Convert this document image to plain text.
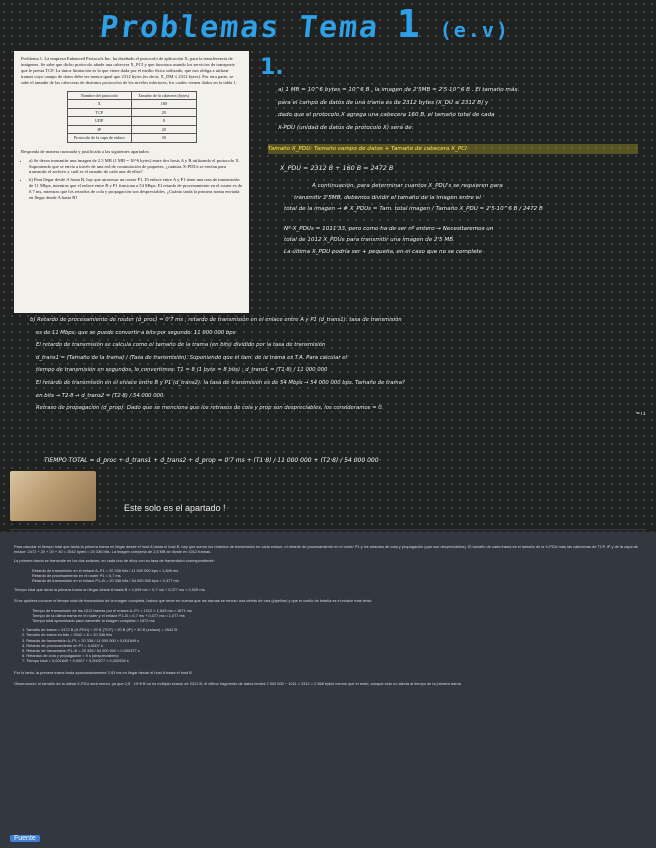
Problemas Tema 1 (e.v)

Problema 1. La empresa Enhanced Protocols Inc. ha diseñado el protocolo de aplicación X, para la transferencia de imágenes. Se sabe que dicho protocolo añade una cabecera X_PCI y que funciona usando los servicios de transporte que le presta TCP. La única limitación es la que viene dada por el medio físico utilizado, que nos obliga a utilizar tramas cuyo campo de datos debe ser menor igual que 2312 bytes (es decir, X_DM ≤ 2312 bytes). Por otra parte, se sabe el tamaño de las cabeceras de distintos protocolos de los niveles inferiores, los cuales vienen dados en la tabla 1.

Nombre del protocolo	Tamaño de la cabecera (bytes)
X	160
TCP	20
UDP	8
IP	20
Protocolo de la capa de enlace	30

Responda de manera razonada y justificada a las siguientes apartados:

• a) Se desea transmitir una imagen de 2.5 MB (1 MB = 10^6 bytes) entre dos hosts A y B utilizando el protocolo X. Suponiendo que se envía a través de una red de conmutación de paquetes, ¿cuántas X-PDUs se envían para transmitir el archivo y cuál es el tamaño de cada una de ellas?
• b) Para llegar desde A hasta B, hay que atravesar un router P1. El enlace entre A y P1 tiene una tasa de transmisión de 11 Mbps, mientras que el enlace entre B y P1 funciona a 54 Mbps. El retardo de procesamiento en el router es de 0.7 ms, mientras que los retardos de cola y propagación son despreciables. ¿Cuánto tarda la primera trama enviada en llegar desde A hasta B?
1.

a) 1 MB = 10^6 bytes = 10^6 B , la imagen de 2'5MB = 2'5·10^6 B . El tamaño máx.

para el campo de datos de una trama es de 2312 bytes (X_DU ≤ 2312 B) y

dado que el protocolo X agrega una cabecera 160 B, el tamaño total de cada

X-PDU (unidad de datos de protocolo X) será de:

Tamaño X_PDU: Tamaño campo de datos + Tamaño de cabecera X_PCI
X_PDU = 2312 B + 160 B = 2472 B

A continuación, para determinar cuantos X_PDU's se requieren para

transmitir 2'5MB, debemos dividir el tamaño de la imagen entre el

total de la imagen → # X_PDUs = Tam. total imagen / Tamaño X_PDU = 2'5·10^6 B / 2472 B

Nº X_PDUs = 1011'33, pero como ha de ser nº entero → Necesitaremos un

total de 1012 X_PDUs para transmitir una imagen de 2'5 MB.

La última X_PDU podría ser + pequeña, en el caso que no se complete

b) Retardo de procesamiento de router (d_proc) = 0'7 ms ; retardo de transmisión en el enlace entre A y P1 (d_trans1): tasa de transmisión

es de 11 Mbps, que se puede convertir a bits por segundo: 11 000 000 bps

El retardo de transmisión se calcula como el tamaño de la trama (en bits) dividido por la tasa de transmisión

d_trans1 = (Tamaño de la trama) / (Tasa de transmisión). Suponiendo que el tam. de la trama es T.A. Para calcular el

tiempo de transmisión en segundos, lo convertimos: T1 = 8 (1 byte = 8 bits) ; d_trans1 = (T1·8) / 11 000 000

El retardo de transmisión en el enlace entre B y P1 (d_trans2): la tasa de transmisión es de 54 Mbps → 54 000 000 bps. Tamaño de trama?

en bits → T2·8 → d_trans2 = (T2·8) / 54 000 000

Retraso de propagación (d_prop): Dado que se menciona que los retrasos de cola y prop son despreciables, los consideramos = 0.

=T1
TIEMPO TOTAL = d_proc + d_trans1 + d_trans2 + d_prop = 0'7 ms + (T1·8) / 11 000 000 + (T2·8) / 54 000 000
Este solo es el apartado !

Para calcular el tiempo total que tarda la primera trama en llegar desde el host A hasta el host B, hay que sumar los retardos de transmisión en cada enlace, el retardo de procesamiento en el router P1 y los retardos de cola y propagación (que son despreciables). El tamaño de cada trama es el tamaño de la X-PDU más las cabeceras de TCP, IP y de la capa de enlace: 2472 + 20 + 20 + 30 = 2542 bytes = 20 336 bits. La imagen completa de 2,5 MB se divide en 1012 tramas.

La primera trama se transmite en los dos enlaces, en cada uno de ellos con su tasa de transmisión correspondiente:

Retardo de transmisión en el enlace A–P1 = 20 336 bits / 11 000 000 bps ≈ 1,849 ms

Retardo de procesamiento en el router P1 = 0,7 ms

Retardo de transmisión en el enlace P1–B = 20 336 bits / 54 000 000 bps ≈ 0,377 ms

Tiempo total que tarda la primera trama en llegar desde A hasta B ≈ 1,849 ms + 0,7 ms + 0,377 ms ≈ 2,926 ms.

Si se quisiera conocer el tiempo total de transmisión de la imagen completa, habría que tener en cuenta que las tramas se envían una detrás de otra (pipeline) y que el cuello de botella es el enlace más lento:

Tiempo de transmisión de las 1012 tramas por el enlace A–P1 = 1012 × 1,849 ms ≈ 1871 ms

Tiempo de la última trama en el router y el enlace P1–B = 0,7 ms + 0,377 ms ≈ 1,077 ms

Tiempo total aproximado para transmitir la imagen completa ≈ 1872 ms

1. Tamaño de trama = 2472 B (X-PDU) + 20 B (TCP) + 20 B (IP) + 30 B (enlace) = 2542 B

2. Tamaño de trama en bits = 2542 × 8 = 20 336 bits

3. Retardo de transmisión A–P1 = 20 336 / 11 000 000 ≈ 0,001849 s

4. Retardo de procesamiento en P1 = 0,0007 s

5. Retardo de transmisión P1–B = 20 336 / 54 000 000 ≈ 0,000377 s

6. Retardos de cola y propagación = 0 s (despreciables)

7. Tiempo total = 0,001849 + 0,0007 + 0,000377 ≈ 0,002926 s

Por lo tanto, la primera trama tarda aproximadamente 2,93 ms en llegar desde el host A hasta el host B.

Observación: el tamaño de la última X-PDU será menor, ya que 2,5 · 10^6 B no es múltiplo exacto de 2312 B; el último fragmento de datos tendrá 2 500 000 − 1011 × 2312 = 2 568 bytes menos que el resto, aunque esto no afecta al tiempo de la primera trama.

Fuente
